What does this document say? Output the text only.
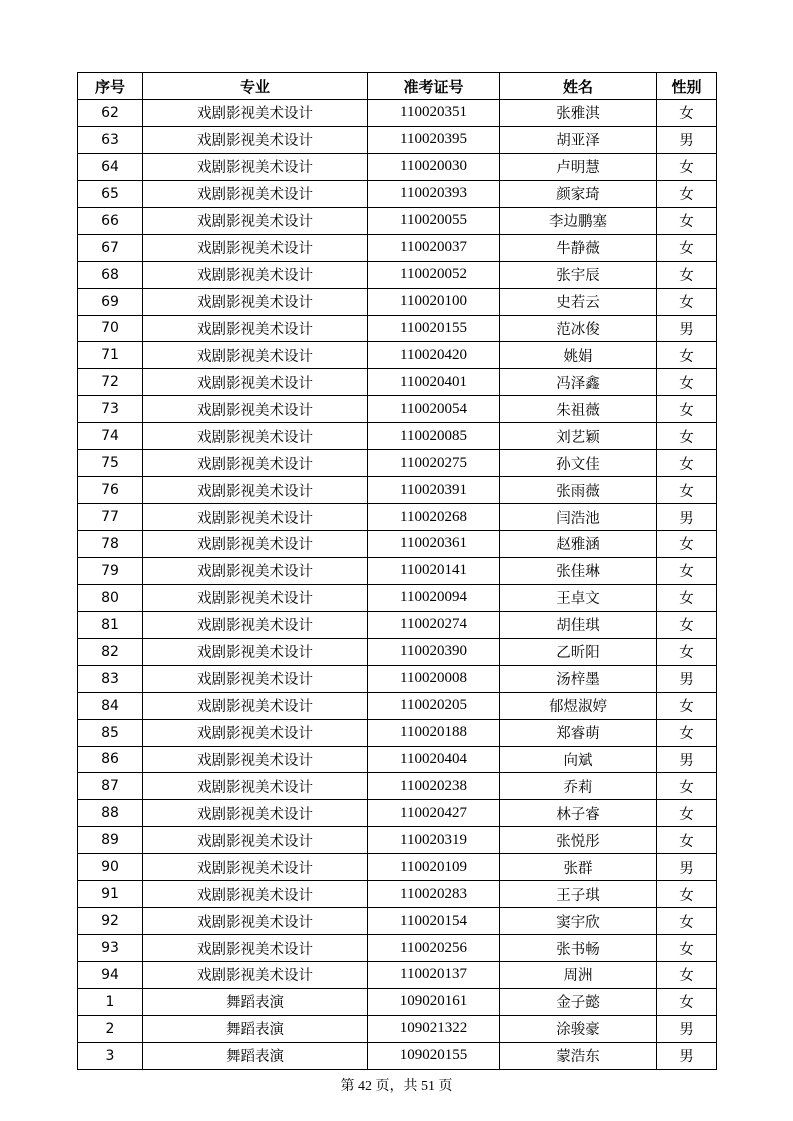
序号	专业	准考证号	姓名	性别
62	戏剧影视美术设计	110020351	张雅淇	女
63	戏剧影视美术设计	110020395	胡亚泽	男
64	戏剧影视美术设计	110020030	卢明慧	女
65	戏剧影视美术设计	110020393	颜家琦	女
66	戏剧影视美术设计	110020055	李边鹏塞	女
67	戏剧影视美术设计	110020037	牛静薇	女
68	戏剧影视美术设计	110020052	张宇辰	女
69	戏剧影视美术设计	110020100	史若云	女
70	戏剧影视美术设计	110020155	范冰俊	男
71	戏剧影视美术设计	110020420	姚娟	女
72	戏剧影视美术设计	110020401	冯泽鑫	女
73	戏剧影视美术设计	110020054	朱祖薇	女
74	戏剧影视美术设计	110020085	刘艺颖	女
75	戏剧影视美术设计	110020275	孙文佳	女
76	戏剧影视美术设计	110020391	张雨薇	女
77	戏剧影视美术设计	110020268	闫浩池	男
78	戏剧影视美术设计	110020361	赵雅涵	女
79	戏剧影视美术设计	110020141	张佳琳	女
80	戏剧影视美术设计	110020094	王卓文	女
81	戏剧影视美术设计	110020274	胡佳琪	女
82	戏剧影视美术设计	110020390	乙昕阳	女
83	戏剧影视美术设计	110020008	汤梓墨	男
84	戏剧影视美术设计	110020205	郁煜淑婷	女
85	戏剧影视美术设计	110020188	郑睿萌	女
86	戏剧影视美术设计	110020404	向斌	男
87	戏剧影视美术设计	110020238	乔莉	女
88	戏剧影视美术设计	110020427	林子睿	女
89	戏剧影视美术设计	110020319	张悦彤	女
90	戏剧影视美术设计	110020109	张群	男
91	戏剧影视美术设计	110020283	王子琪	女
92	戏剧影视美术设计	110020154	窦宇欣	女
93	戏剧影视美术设计	110020256	张书畅	女
94	戏剧影视美术设计	110020137	周洲	女
1	舞蹈表演	109020161	金子懿	女
2	舞蹈表演	109021322	涂骏豪	男
3	舞蹈表演	109020155	蒙浩东	男
第 42 页，共 51 页
